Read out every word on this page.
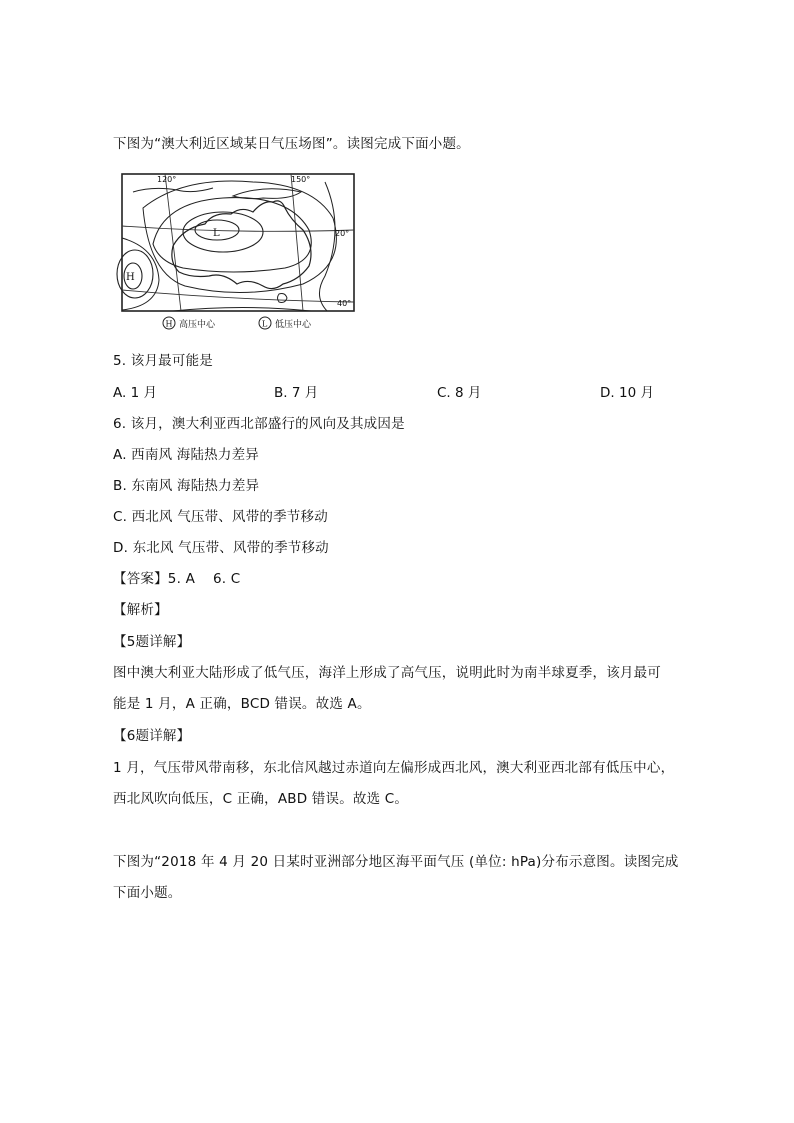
下图为“澳大利近区域某日气压场图”。读图完成下面小题。
L
H
120°	150°
20°
40°
H 高压中心	L 低压中心
5. 该月最可能是
A. 1 月	B. 7 月	C. 8 月	D. 10 月
6. 该月，澳大利亚西北部盛行的风向及其成因是
A. 西南风 海陆热力差异
B. 东南风 海陆热力差异
C. 西北风 气压带、风带的季节移动
D. 东北风 气压带、风带的季节移动
【答案】5. A    6. C
【解析】
【5题详解】
图中澳大利亚大陆形成了低气压，海洋上形成了高气压，说明此时为南半球夏季，该月最可
能是 1 月，A 正确，BCD 错误。故选 A。
【6题详解】
1 月，气压带风带南移，东北信风越过赤道向左偏形成西北风，澳大利亚西北部有低压中心，
西北风吹向低压，C 正确，ABD 错误。故选 C。
下图为“2018 年 4 月 20 日某时亚洲部分地区海平面气压 (单位: hPa)分布示意图。读图完成
下面小题。
